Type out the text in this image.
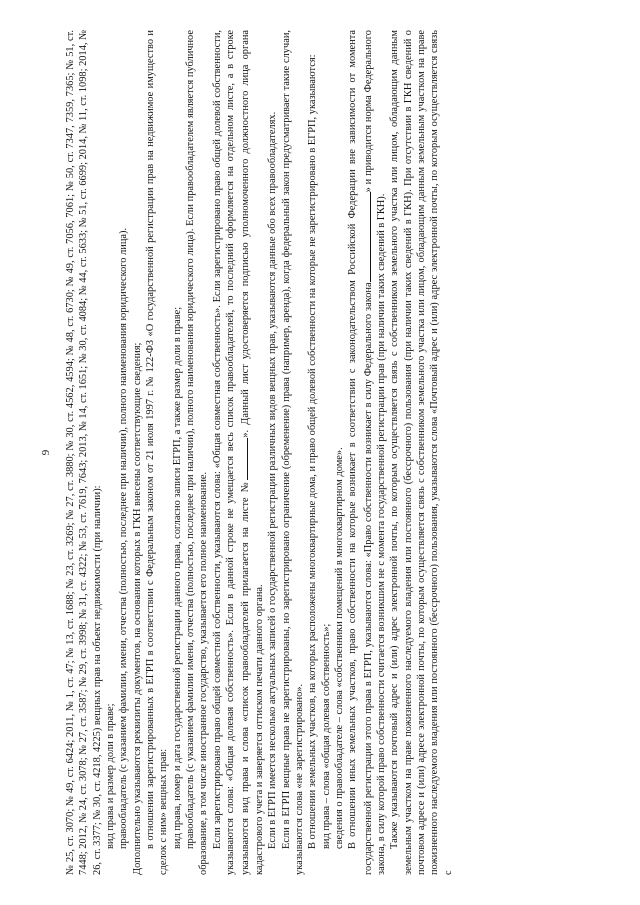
9 № 25, ст. 3070; № 49, ст. 6424; 2011, № 1, ст. 47; № 13, ст. 1688; № 23, ст. 3269; № 27, ст. 3880; № 30, ст. 4562, 4594; № 48, ст. 6730; № 49, ст. 7056, 7061; № 50, ст. 7347, 7359, 7365; № 51, ст. 7448; 2012, № 24, ст. 3078; № 27, ст. 3587; № 29, ст. 3998; № 31, ст. 4322; № 53, ст. 7619, 7643; 2013, № 14, ст. 1651; № 30, ст. 4084; № 44, ст. 5633; № 51, ст. 6699; 2014, № 11, ст. 1098; 2014, № 26, ст. 3377; № 30, ст. 4218, 4225) вещных прав на объект недвижимости (при наличии): вид права и размер доли в праве; правообладатель (с указанием фамилии, имени, отчества (полностью, последнее при наличии), полного наименования юридического лица). Дополнительно указываются реквизиты документов, на основании которых в ГКН внесены соответствующие сведения; в отношении зарегистрированных в ЕГРП в соответствии с Федеральным законом от 21 июля 1997 г. № 122-ФЗ «О государственной регистрации прав на недвижимое имущество и сделок с ним» вещных прав: вид права, номер и дата государственной регистрации данного права, согласно записи ЕГРП, а также размер доли в праве; правообладатель (с указанием фамилии имени, отчества (полностью, последнее при наличии), полного наименования юридического лица). Если правообладателем является публичное образование, в том числе иностранное государство, указывается его полное наименование. Если зарегистрировано право общей совместной собственности, указываются слова: «Общая совместная собственность». Если зарегистрировано право общей долевой собственности, указываются слова: «Общая долевая собственность». Если в данной строке не умещается весь список правообладателей, то последний оформляется на отдельном листе, а в строке указываются вид права и слова «список правообладателей прилагается на листе №». Данный лист удостоверяется подписью уполномоченного должностного лица органа кадастрового учета и заверяется оттиском печати данного органа. Если в ЕГРП имеется несколько актуальных записей о государственной регистрации различных видов вещных прав, указываются данные обо всех правообладателях. Если в ЕГРП вещные права не зарегистрированы, но зарегистрировано ограничение (обременение) права (например, аренда), когда федеральный закон предусматривает такие случаи, указываются слова «не зарегистрировано». В отношении земельных участков, на которых расположены многоквартирные дома, и право общей долевой собственности на которые не зарегистрировано в ЕГРП, указываются: вид права – слова «общая долевая собственность»; сведения о правообладателе – слова «собственники помещений в многоквартирном доме». В отношении иных земельных участков, право собственности на которые возникает в соответствии с законодательством Российской Федерации вне зависимости от момента государственной регистрации этого права в ЕГРП, указываются слова: «Право собственности возникает в силу Федерального закона» и приводится норма Федерального закона, в силу которой право собственности считается возникшим не с момента государственной регистрации прав (при наличии таких сведений в ГКН). Также указываются почтовый адрес и (или) адрес электронной почты, по которым осуществляется связь с собственником земельного участка или лицом, обладающим данным земельным участком на праве пожизненного наследуемого владения или постоянного (бессрочного) пользования (при наличии таких сведений в ГКН). При отсутствии в ГКН сведений о почтовом адресе и (или) адресе электронной почты, по которым осуществляется связь с собственником земельного участка или лицом, обладающим данным земельным участком на праве пожизненного наследуемого владения или постоянного (бессрочного) пользования, указываются слова «Почтовый адрес и (или) адрес электронной почты, по которым осуществляется связь с
